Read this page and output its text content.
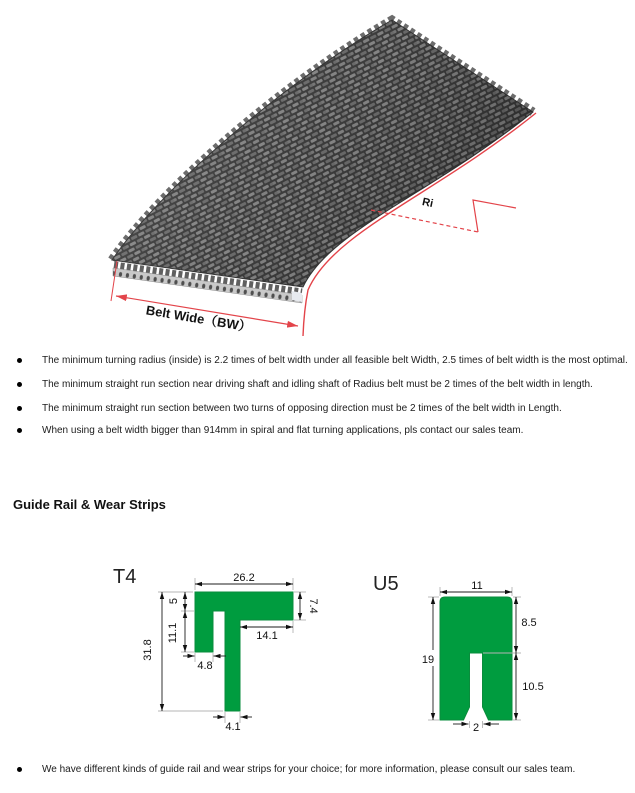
Ri
Belt Wide（BW）
The minimum turning radius (inside) is 2.2 times of belt width under all feasible belt Width, 2.5 times of belt width is the most optimal.
The minimum straight run section near driving shaft and idling shaft of Radius belt must be 2 times of the belt width in length.
The minimum straight run section between two turns of opposing direction must be 2 times of the belt width in Length.
When using a belt width bigger than 914mm in spiral and flat turning applications, pls contact our sales team.
Guide Rail & Wear Strips
T4	26.2
7.4
5
11.1
31.8
14.1
4.8
4.1
U5	11
19
8.5
10.5
2
We have different kinds of guide rail and wear strips for your choice; for more information, please consult our sales team.
